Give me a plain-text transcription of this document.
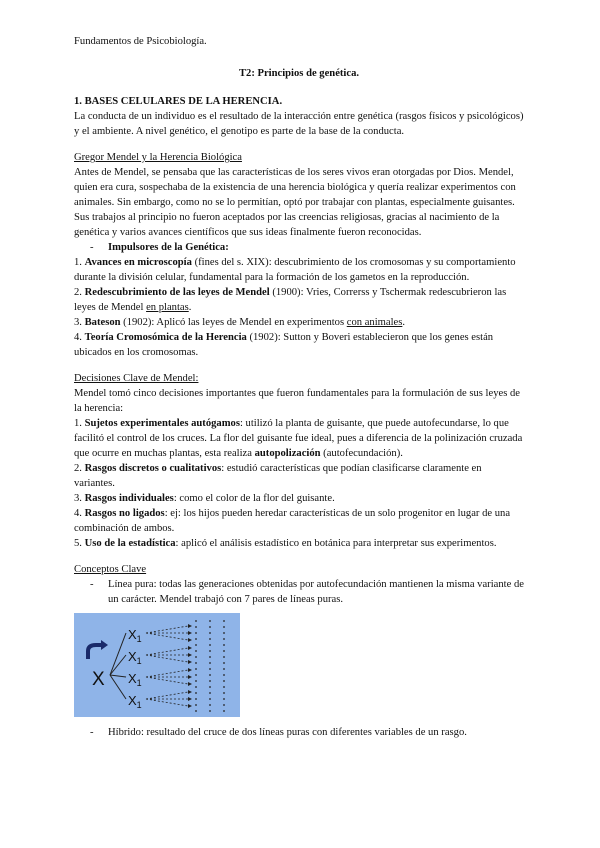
Fundamentos de Psicobiología.

T2: Principios de genética.

1. BASES CELULARES DE LA HERENCIA.

La conducta de un individuo es el resultado de la interacción entre genética (rasgos físicos y psicológicos) y el ambiente. A nivel genético, el genotipo es parte de la base de la conducta.

Gregor Mendel y la Herencia Biológica

Antes de Mendel, se pensaba que las características de los seres vivos eran otorgadas por Dios. Mendel, quien era cura, sospechaba de la existencia de una herencia biológica y quería realizar experimentos con animales. Sin embargo, como no se lo permitían, optó por trabajar con plantas, especialmente guisantes. Sus trabajos al principio no fueron aceptados por las creencias religiosas, gracias al nacimiento de la genética y varios avances científicos que sus ideas finalmente fueron reconocidas.

- Impulsores de la Genética:

1. Avances en microscopía (fines del s. XIX): descubrimiento de los cromosomas y su comportamiento durante la división celular, fundamental para la formación de los gametos en la reproducción.

2. Redescubrimiento de las leyes de Mendel (1900): Vries, Correrss y Tschermak redescubrieron las leyes de Mendel en plantas.

3. Bateson (1902): Aplicó las leyes de Mendel en experimentos con animales.

4. Teoría Cromosómica de la Herencia (1902): Sutton y Boveri establecieron que los genes están ubicados en los cromosomas.

Decisiones Clave de Mendel:

Mendel tomó cinco decisiones importantes que fueron fundamentales para la formulación de sus leyes de la herencia:

1. Sujetos experimentales autógamos: utilizó la planta de guisante, que puede autofecundarse, lo que facilitó el control de los cruces. La flor del guisante fue ideal, pues a diferencia de la polinización cruzada que ocurre en muchas plantas, esta realiza autopolización (autofecundación).

2. Rasgos discretos o cualitativos: estudió características que podían clasificarse claramente en variantes.

3. Rasgos individuales: como el color de la flor del guisante.

4. Rasgos no ligados: ej: los hijos pueden heredar características de un solo progenitor en lugar de una combinación de ambos.

5. Uso de la estadística: aplicó el análisis estadístico en botánica para interpretar sus experimentos.

Conceptos Clave

- Línea pura: todas las generaciones obtenidas por autofecundación mantienen la misma variante de un carácter. Mendel trabajó con 7 pares de líneas puras.

X
$X_1$
$X_1$
$X_1$
$X_1$

- Híbrido: resultado del cruce de dos líneas puras con diferentes variables de un rasgo.
